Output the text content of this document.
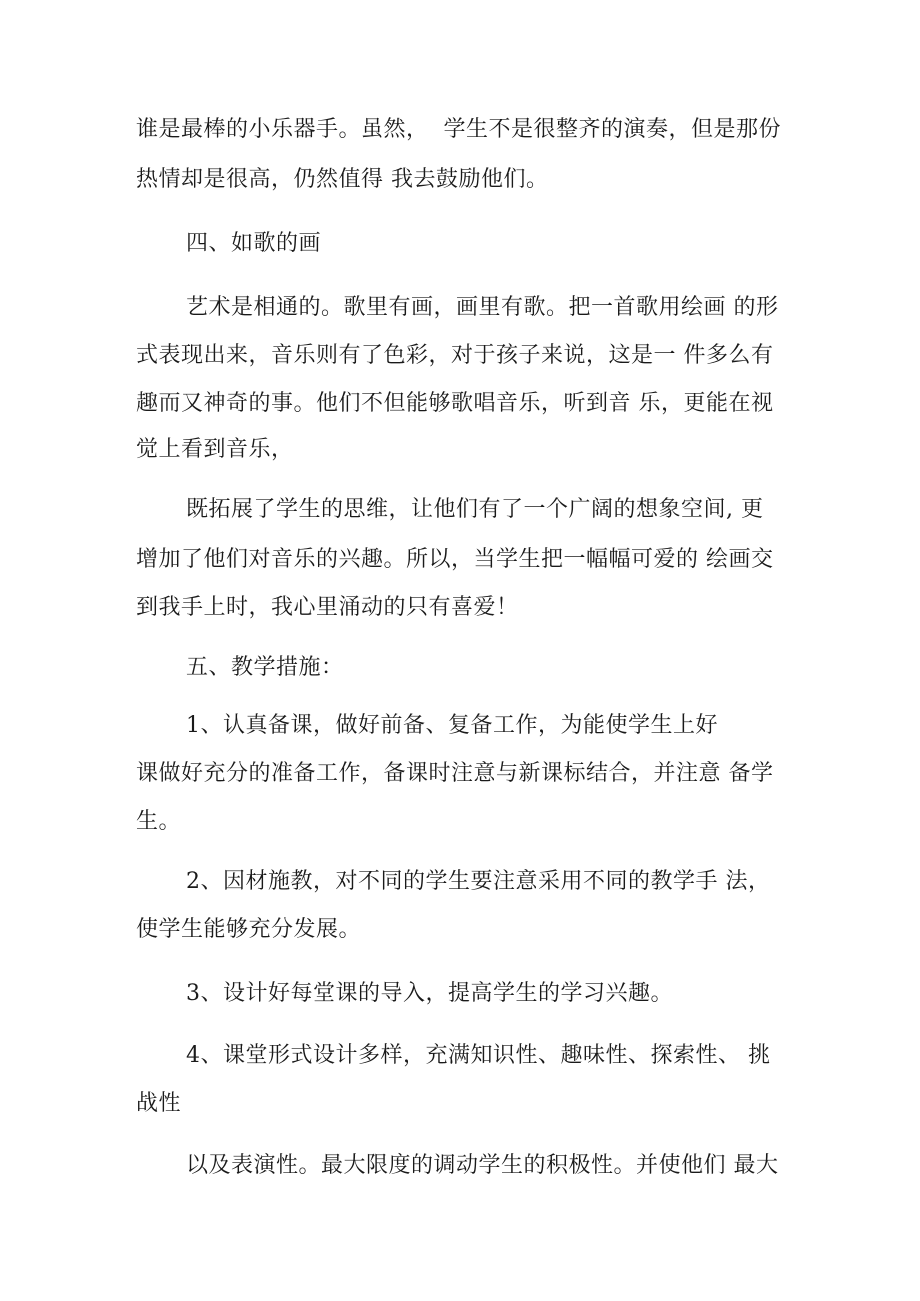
谁是最棒的小乐器手。虽然，  学生不是很整齐的演奏，但是那份
热情却是很高，仍然值得 我去鼓励他们。
四、如歌的画
艺术是相通的。歌里有画，画里有歌。把一首歌用绘画 的形
式表现出来，音乐则有了色彩，对于孩子来说，这是一 件多么有
趣而又神奇的事。他们不但能够歌唱音乐，听到音 乐，更能在视
觉上看到音乐，
既拓展了学生的思维，让他们有了一个广阔的想象空间, 更
增加了他们对音乐的兴趣。所以，当学生把一幅幅可爱的 绘画交
到我手上时，我心里涌动的只有喜爱！
五、教学措施：
1、认真备课，做好前备、复备工作，为能使学生上好
课做好充分的准备工作，备课时注意与新课标结合，并注意 备学
生。
2、因材施教，对不同的学生要注意采用不同的教学手 法，
使学生能够充分发展。
3、设计好每堂课的导入，提高学生的学习兴趣。
4、课堂形式设计多样，充满知识性、趣味性、探索性、 挑
战性
以及表演性。最大限度的调动学生的积极性。并使他们 最大
